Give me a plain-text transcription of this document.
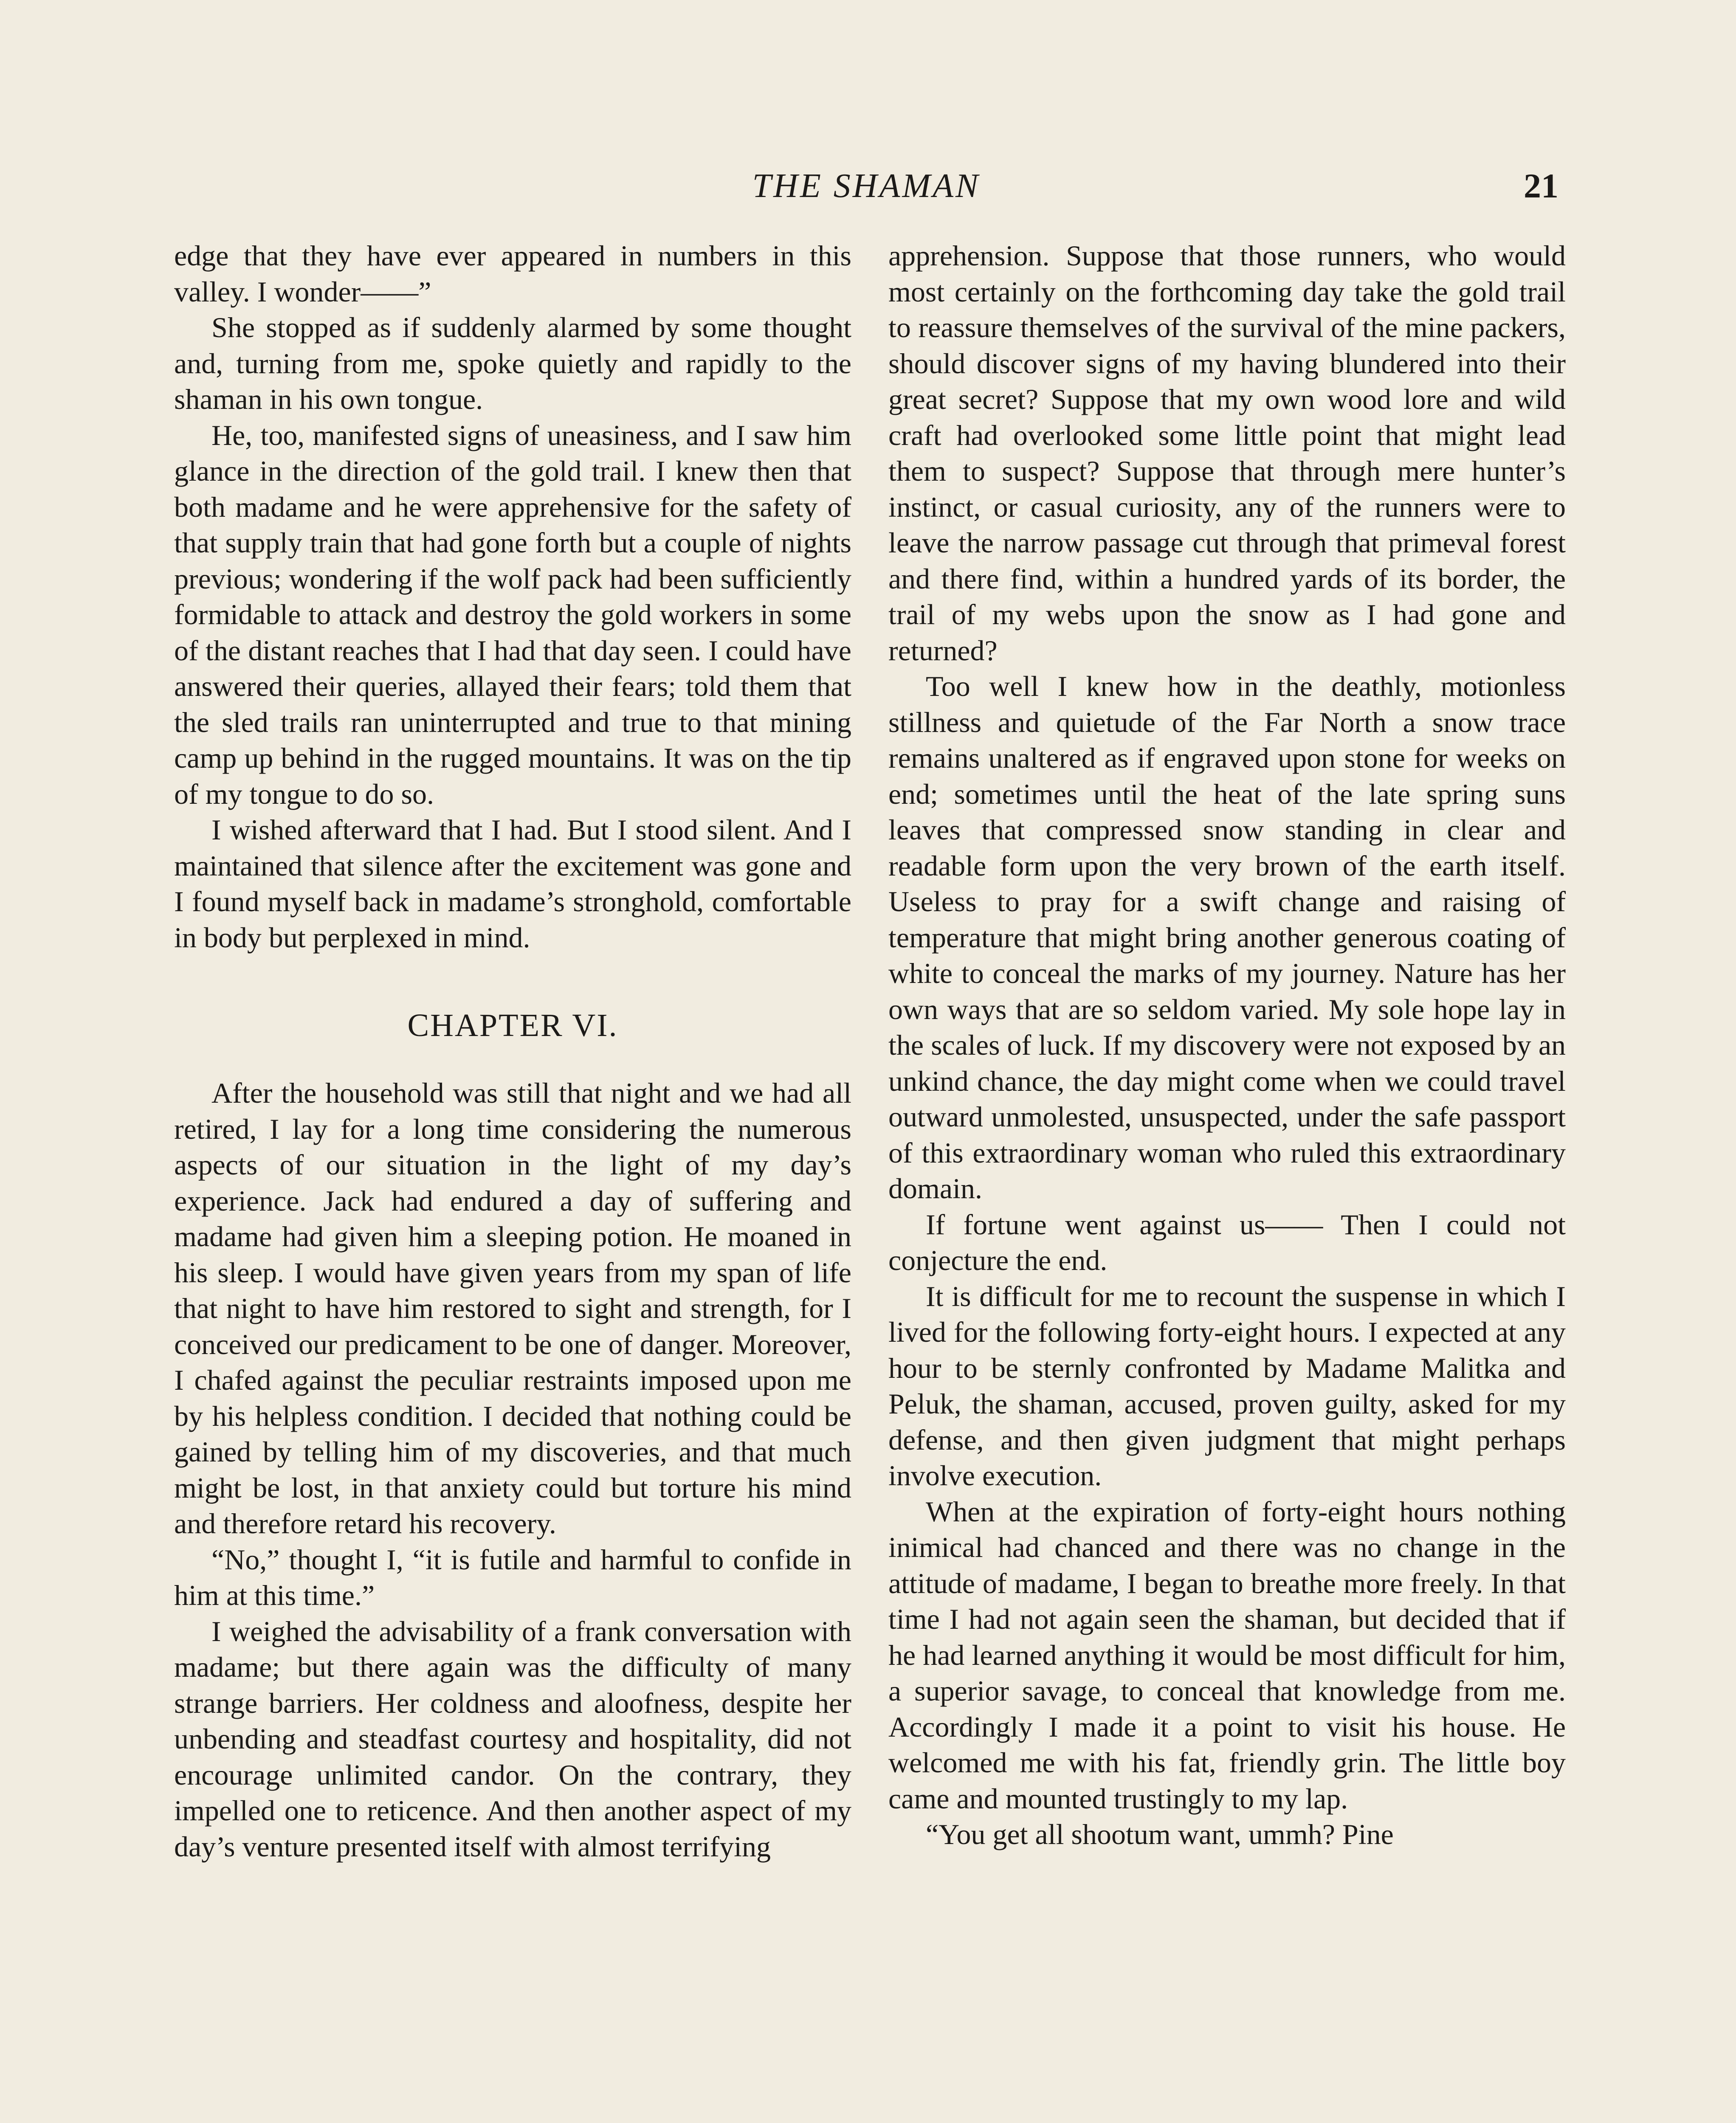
THE SHAMAN	21

edge that they have ever appeared in numbers in this valley. I wonder——”

She stopped as if suddenly alarmed by some thought and, turning from me, spoke quietly and rapidly to the shaman in his own tongue.

He, too, manifested signs of uneasiness, and I saw him glance in the direction of the gold trail. I knew then that both madame and he were apprehensive for the safety of that supply train that had gone forth but a couple of nights previous; wondering if the wolf pack had been sufficiently formidable to attack and destroy the gold workers in some of the distant reaches that I had that day seen. I could have answered their queries, allayed their fears; told them that the sled trails ran uninterrupted and true to that mining camp up behind in the rugged mountains. It was on the tip of my tongue to do so.

I wished afterward that I had. But I stood silent. And I maintained that silence after the excitement was gone and I found myself back in madame’s stronghold, comfortable in body but perplexed in mind.

CHAPTER VI.

After the household was still that night and we had all retired, I lay for a long time considering the numerous aspects of our situation in the light of my day’s experience. Jack had endured a day of suffering and madame had given him a sleeping potion. He moaned in his sleep. I would have given years from my span of life that night to have him restored to sight and strength, for I conceived our predicament to be one of danger. Moreover, I chafed against the peculiar restraints imposed upon me by his helpless condition. I decided that nothing could be gained by telling him of my discoveries, and that much might be lost, in that anxiety could but torture his mind and therefore retard his recovery.

“No,” thought I, “it is futile and harmful to confide in him at this time.”

I weighed the advisability of a frank conversation with madame; but there again was the difficulty of many strange barriers. Her coldness and aloofness, despite her unbending and steadfast courtesy and hospitality, did not encourage unlimited candor. On the contrary, they impelled one to reticence. And then another aspect of my day’s venture presented itself with almost terrifying

apprehension. Suppose that those runners, who would most certainly on the forthcoming day take the gold trail to reassure themselves of the survival of the mine packers, should discover signs of my having blundered into their great secret? Suppose that my own wood lore and wild craft had overlooked some little point that might lead them to suspect? Suppose that through mere hunter’s instinct, or casual curiosity, any of the runners were to leave the narrow passage cut through that primeval forest and there find, within a hundred yards of its border, the trail of my webs upon the snow as I had gone and returned?

Too well I knew how in the deathly, motionless stillness and quietude of the Far North a snow trace remains unaltered as if engraved upon stone for weeks on end; sometimes until the heat of the late spring suns leaves that compressed snow standing in clear and readable form upon the very brown of the earth itself. Useless to pray for a swift change and raising of temperature that might bring another generous coating of white to conceal the marks of my journey. Nature has her own ways that are so seldom varied. My sole hope lay in the scales of luck. If my discovery were not exposed by an unkind chance, the day might come when we could travel outward unmolested, unsuspected, under the safe passport of this extraordinary woman who ruled this extraordinary domain.

If fortune went against us—— Then I could not conjecture the end.

It is difficult for me to recount the suspense in which I lived for the following forty-eight hours. I expected at any hour to be sternly confronted by Madame Malitka and Peluk, the shaman, accused, proven guilty, asked for my defense, and then given judgment that might perhaps involve execution.

When at the expiration of forty-eight hours nothing inimical had chanced and there was no change in the attitude of madame, I began to breathe more freely. In that time I had not again seen the shaman, but decided that if he had learned anything it would be most difficult for him, a superior savage, to conceal that knowledge from me. Accordingly I made it a point to visit his house. He welcomed me with his fat, friendly grin. The little boy came and mounted trustingly to my lap.

“You get all shootum want, ummh? Pine
